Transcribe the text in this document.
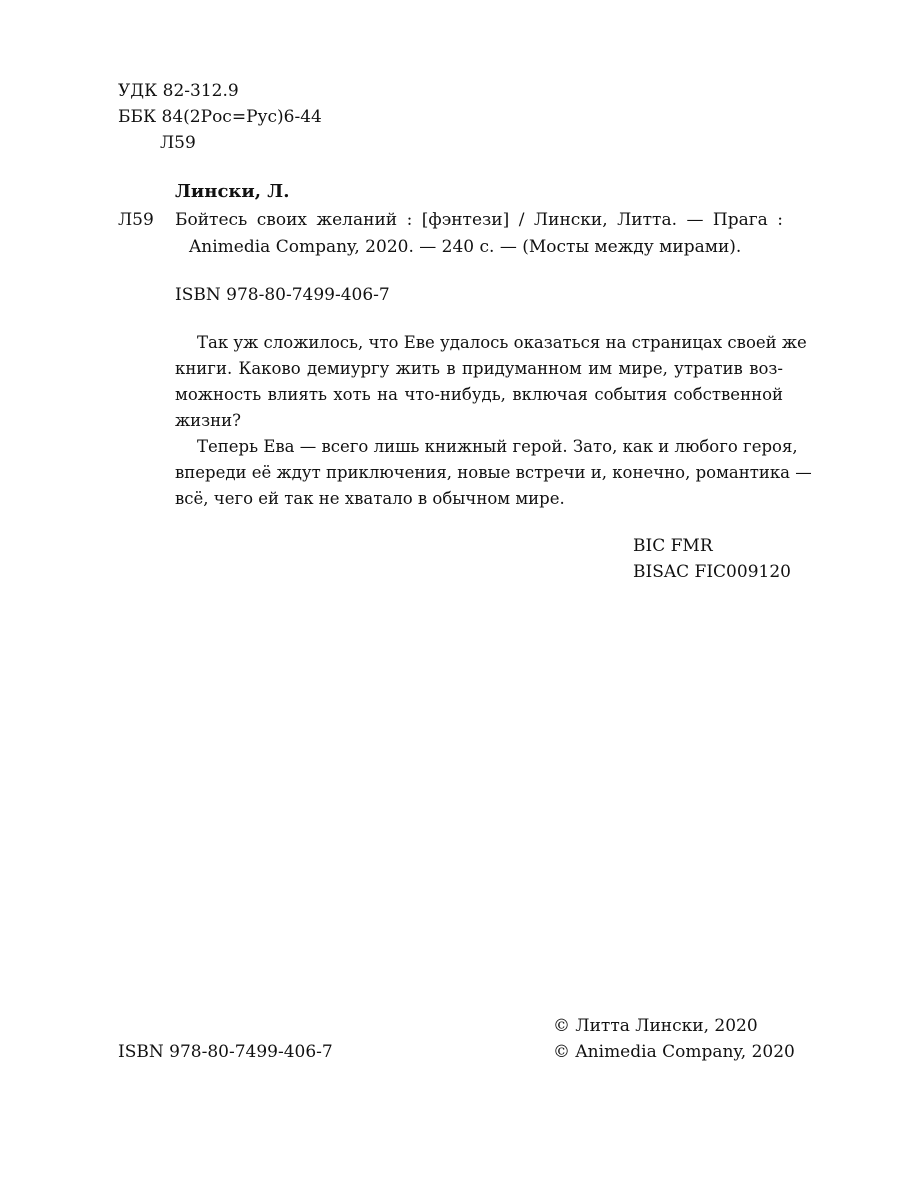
УДК 82-312.9
ББК 84(2Рос=Рус)6-44
Л59
Лински, Л.
Л59 Бойтесь своих желаний : [фэнтези] / Лински, Литта. — Прага :
Animedia Company, 2020. — 240 с. — (Мосты между мирами).
ISBN 978-80-7499-406-7
Так уж сложилось, что Еве удалось оказаться на страницах своей же
книги. Каково демиургу жить в придуманном им мире, утратив воз-
можность влиять хоть на что-нибудь, включая события собственной
жизни?
Теперь Ева — всего лишь книжный герой. Зато, как и любого героя,
впереди её ждут приключения, новые встречи и, конечно, романтика —
всё, чего ей так не хватало в обычном мире.
BIC FMR
BISAC FIC009120
© Литта Лински, 2020
© Animedia Company, 2020
ISBN 978-80-7499-406-7
